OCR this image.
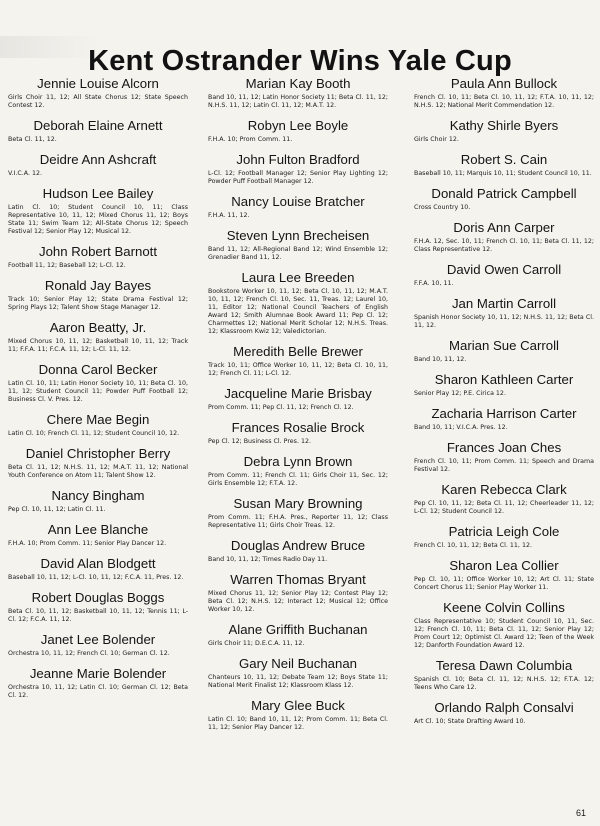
Kent Ostrander Wins Yale Cup
Jennie Louise Alcorn
Girls Choir 11, 12; All State Chorus 12; State Speech Contest 12.
Deborah Elaine Arnett
Beta Cl. 11, 12.
Deidre Ann Ashcraft
V.I.C.A. 12.
Hudson Lee Bailey
Latin Cl. 10; Student Council 10, 11; Class Representative 10, 11, 12; Mixed Chorus 11, 12; Boys State 11; Swim Team 12; All-State Chorus 12; Speech Festival 12; Senior Play 12; Musical 12.
John Robert Barnott
Football 11, 12; Baseball 12; L-Cl. 12.
Ronald Jay Bayes
Track 10; Senior Play 12; State Drama Festival 12; Spring Plays 12; Talent Show Stage Manager 12.
Aaron Beatty, Jr.
Mixed Chorus 10, 11, 12; Basketball 10, 11, 12; Track 11; F.F.A. 11; F.C.A. 11, 12; L-Cl. 11, 12.
Donna Carol Becker
Latin Cl. 10, 11; Latin Honor Society 10, 11; Beta Cl. 10, 11, 12; Student Council 11; Powder Puff Football 12; Business Cl. V. Pres. 12.
Chere Mae Begin
Latin Cl. 10; French Cl. 11, 12; Student Council 10, 12.
Daniel Christopher Berry
Beta Cl. 11, 12; N.H.S. 11, 12; M.A.T. 11, 12; National Youth Conference on Atom 11; Talent Show 12.
Nancy Bingham
Pep Cl. 10, 11, 12; Latin Cl. 11.
Ann Lee Blanche
F.H.A. 10; Prom Comm. 11; Senior Play Dancer 12.
David Alan Blodgett
Baseball 10, 11, 12; L-Cl. 10, 11, 12; F.C.A. 11, Pres. 12.
Robert Douglas Boggs
Beta Cl. 10, 11, 12; Basketball 10, 11, 12; Tennis 11; L-Cl. 12; F.C.A. 11, 12.
Janet Lee Bolender
Orchestra 10, 11, 12; French Cl. 10; German Cl. 12.
Jeanne Marie Bolender
Orchestra 10, 11, 12; Latin Cl. 10; German Cl. 12; Beta Cl. 12.
Marian Kay Booth
Band 10, 11, 12; Latin Honor Society 11; Beta Cl. 11, 12; N.H.S. 11, 12; Latin Cl. 11, 12; M.A.T. 12.
Robyn Lee Boyle
F.H.A. 10; Prom Comm. 11.
John Fulton Bradford
L-Cl. 12; Football Manager 12; Senior Play Lighting 12; Powder Puff Football Manager 12.
Nancy Louise Bratcher
F.H.A. 11, 12.
Steven Lynn Brecheisen
Band 11, 12; All-Regional Band 12; Wind Ensemble 12; Grenadier Band 11, 12.
Laura Lee Breeden
Bookstore Worker 10, 11, 12; Beta Cl. 10, 11, 12; M.A.T. 10, 11, 12; French Cl. 10, Sec. 11, Treas. 12; Laurel 10, 11, Editor 12; National Council Teachers of English Award 12; Smith Alumnae Book Award 11; Pep Cl. 12; Charmettes 12; National Merit Scholar 12; N.H.S. Treas. 12; Klassroom Kwiz 12; Valedictorian.
Meredith Belle Brewer
Track 10, 11; Office Worker 10, 11, 12; Beta Cl. 10, 11, 12; French Cl. 11; L-Cl. 12.
Jacqueline Marie Brisbay
Prom Comm. 11; Pep Cl. 11, 12; French Cl. 12.
Frances Rosalie Brock
Pep Cl. 12; Business Cl. Pres. 12.
Debra Lynn Brown
Prom Comm. 11; French Cl. 11; Girls Choir 11, Sec. 12; Girls Ensemble 12; F.T.A. 12.
Susan Mary Browning
Prom Comm. 11; F.H.A. Pres., Reporter 11, 12; Class Representative 11; Girls Choir Treas. 12.
Douglas Andrew Bruce
Band 10, 11, 12; Times Radio Day 11.
Warren Thomas Bryant
Mixed Chorus 11, 12; Senior Play 12; Contest Play 12; Beta Cl. 12; N.H.S. 12; Interact 12; Musical 12; Office Worker 10, 12.
Alane Griffith Buchanan
Girls Choir 11; D.E.C.A. 11, 12.
Gary Neil Buchanan
Chanteurs 10, 11, 12; Debate Team 12; Boys State 11; National Merit Finalist 12; Klassroom Klass 12.
Mary Glee Buck
Latin Cl. 10; Band 10, 11, 12; Prom Comm. 11; Beta Cl. 11, 12; Senior Play Dancer 12.
Paula Ann Bullock
French Cl. 10, 11; Beta Cl. 10, 11, 12; F.T.A. 10, 11, 12; N.H.S. 12; National Merit Commendation 12.
Kathy Shirle Byers
Girls Choir 12.
Robert S. Cain
Baseball 10, 11; Marquis 10, 11; Student Council 10, 11.
Donald Patrick Campbell
Cross Country 10.
Doris Ann Carper
F.H.A. 12, Sec. 10, 11; French Cl. 10, 11; Beta Cl. 11, 12; Class Representative 12.
David Owen Carroll
F.F.A. 10, 11.
Jan Martin Carroll
Spanish Honor Society 10, 11, 12; N.H.S. 11, 12; Beta Cl. 11, 12.
Marian Sue Carroll
Band 10, 11, 12.
Sharon Kathleen Carter
Senior Play 12; P.E. Cirica 12.
Zacharia Harrison Carter
Band 10, 11; V.I.C.A. Pres. 12.
Frances Joan Ches
French Cl. 10, 11; Prom Comm. 11; Speech and Drama Festival 12.
Karen Rebecca Clark
Pep Cl. 10, 11, 12; Beta Cl. 11, 12; Cheerleader 11, 12; L-Cl. 12; Student Council 12.
Patricia Leigh Cole
French Cl. 10, 11, 12; Beta Cl. 11, 12.
Sharon Lea Collier
Pep Cl. 10, 11; Office Worker 10, 12; Art Cl. 11; State Concert Chorus 11; Senior Play Worker 11.
Keene Colvin Collins
Class Representative 10; Student Council 10, 11, Sec. 12; French Cl. 10, 11; Beta Cl. 11, 12; Senior Play 12; Prom Court 12; Optimist Cl. Award 12; Teen of the Week 12; Danforth Foundation Award 12.
Teresa Dawn Columbia
Spanish Cl. 10; Beta Cl. 11, 12; N.H.S. 12; F.T.A. 12; Teens Who Care 12.
Orlando Ralph Consalvi
Art Cl. 10; State Drafting Award 10.
61
